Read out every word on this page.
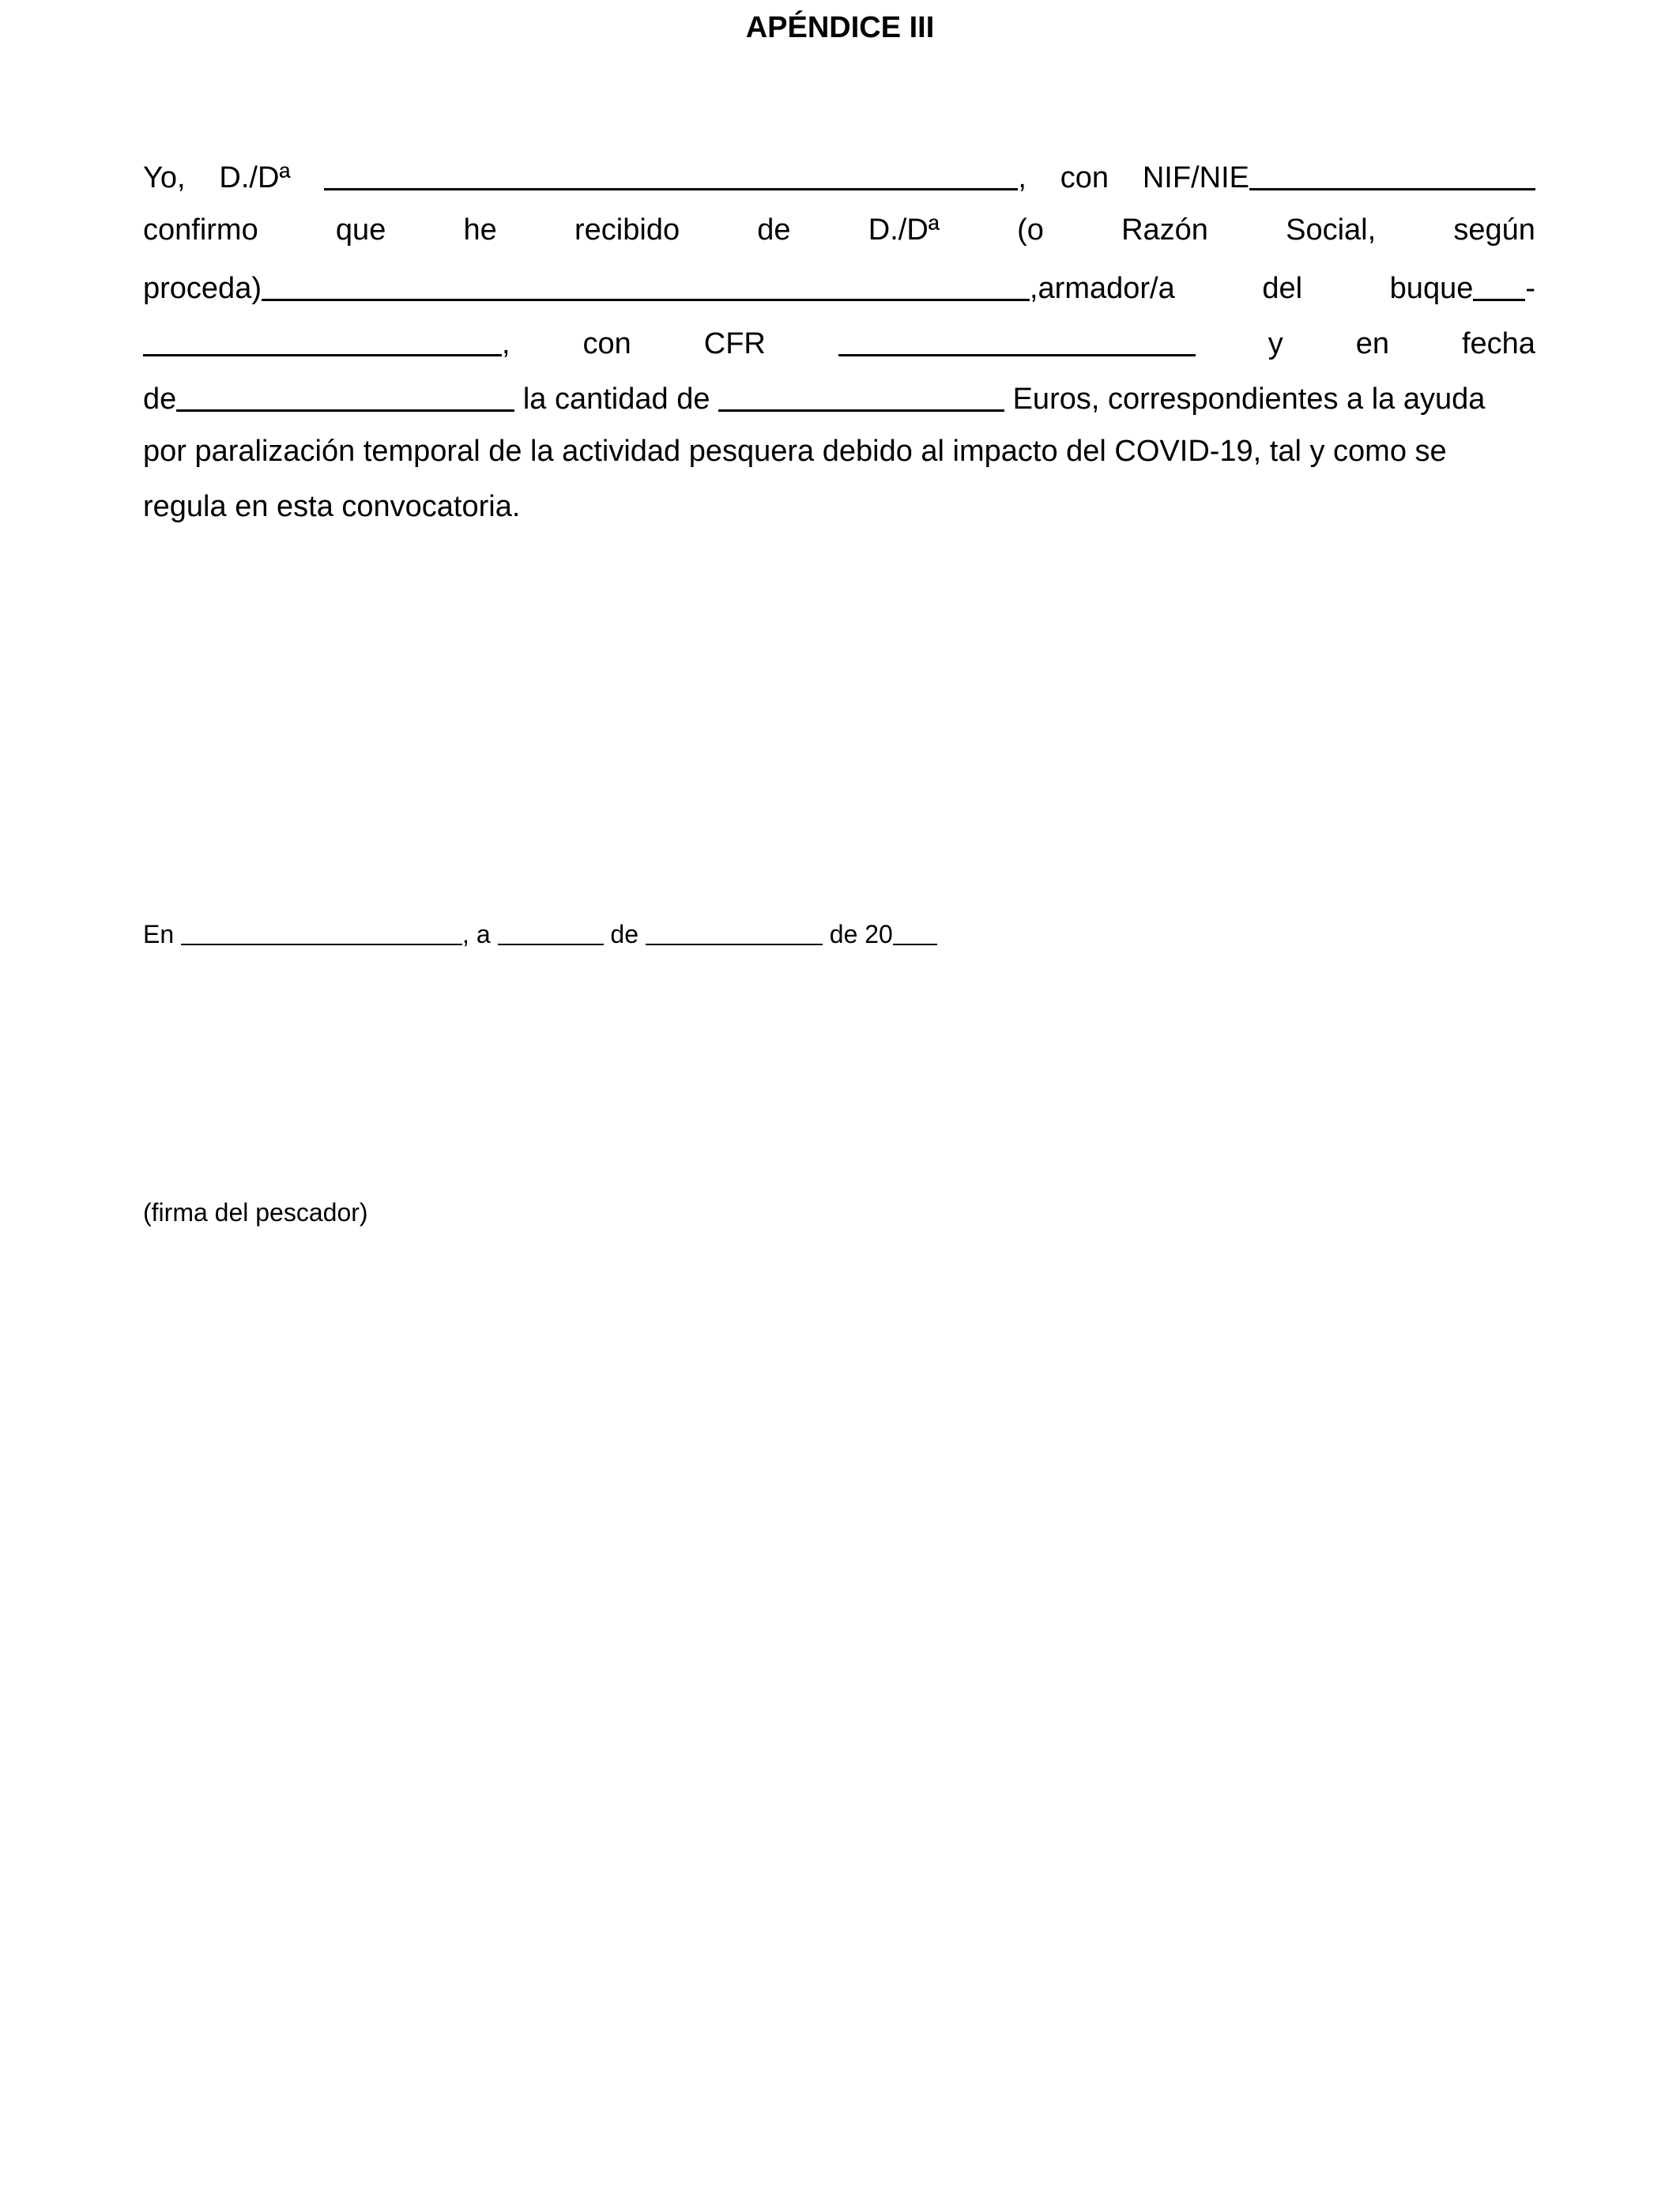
APÉNDICE III
Yo, D./Dª	, con NIF/NIE
confirmo	que	he	recibido	de	D./Dª	(o	Razón	Social,	según
proceda)	,armador/a	del	buque -
, con CFR	y en fecha
de	la cantidad de	Euros, correspondientes a la ayuda
por paralización temporal de la actividad pesquera debido al impacto del COVID-19, tal y como se
regula en esta convocatoria.
En	, a	de	de 20
(firma del pescador)
